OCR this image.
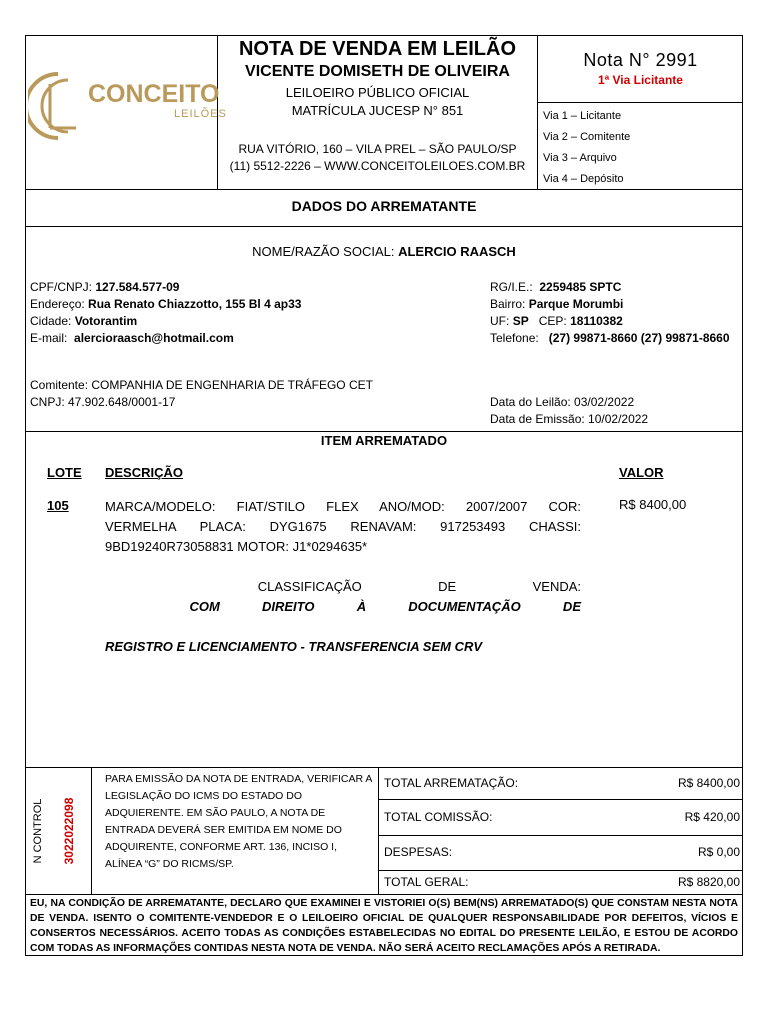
CONCEITO
LEILÕES
NOTA DE VENDA EM LEILÃO
VICENTE DOMISETH DE OLIVEIRA
LEILOEIRO PÚBLICO OFICIAL
MATRÍCULA JUCESP N° 851
RUA VITÓRIO, 160 – VILA PREL – SÃO PAULO/SP
(11) 5512-2226 – WWW.CONCEITOLEILOES.COM.BR
Nota N° 2991
1ª Via Licitante
Via 1 – Licitante
Via 2 – Comitente
Via 3 – Arquivo
Via 4 – Depósito
DADOS DO ARREMATANTE
NOME/RAZÃO SOCIAL: ALERCIO RAASCH
CPF/CNPJ: 127.584.577-09
Endereço: Rua Renato Chiazzotto, 155 Bl 4 ap33
Cidade: Votorantim
E-mail: alercioraasch@hotmail.com
RG/I.E.: 2259485 SPTC
Bairro: Parque Morumbi
UF: SP CEP: 18110382
Telefone: (27) 99871-8660 (27) 99871-8660
Comitente: COMPANHIA DE ENGENHARIA DE TRÁFEGO CET
CNPJ: 47.902.648/0001-17	Data do Leilão: 03/02/2022
Data de Emissão: 10/02/2022
ITEM ARREMATADO
LOTE DESCRIÇÃO	VALOR
105	MARCA/MODELO:  FIAT/STILO  FLEX  ANO/MOD:  2007/2007  COR:
VERMELHA  PLACA:  DYG1675  RENAVAM:  917253493  CHASSI:
9BD19240R73058831 MOTOR: J1*0294635*

CLASSIFICAÇÃO  DE  VENDA:
COM  DIREITO  À  DOCUMENTAÇÃO  DE

REGISTRO E LICENCIAMENTO - TRANSFERENCIA SEM CRV
R$ 8400,00
N CONTROL 3022022098
PARA EMISSÃO DA NOTA DE ENTRADA, VERIFICAR A LEGISLAÇÃO DO ICMS DO ESTADO DO ADQUIERENTE. EM SÃO PAULO, A NOTA DE ENTRADA DEVERÁ SER EMITIDA EM NOME DO ADQUIRENTE, CONFORME ART. 136, INCISO I, ALÍNEA “G” DO RICMS/SP.
TOTAL ARREMATAÇÃO:	R$ 8400,00
TOTAL COMISSÃO:	R$ 420,00
DESPESAS:	R$ 0,00
TOTAL GERAL:	R$ 8820,00
EU, NA CONDIÇÃO DE ARREMATANTE, DECLARO QUE EXAMINEI E VISTORIEI O(S) BEM(NS) ARREMATADO(S) QUE CONSTAM NESTA NOTA DE VENDA. ISENTO O COMITENTE-VENDEDOR E O LEILOEIRO OFICIAL DE QUALQUER RESPONSABILIDADE POR DEFEITOS, VÍCIOS E CONSERTOS NECESSÁRIOS. ACEITO TODAS AS CONDIÇÕES ESTABELECIDAS NO EDITAL DO PRESENTE LEILÃO, E ESTOU DE ACORDO COM TODAS AS INFORMAÇÕES CONTIDAS NESTA NOTA DE VENDA. NÃO SERÁ ACEITO RECLAMAÇÕES APÓS A RETIRADA.
